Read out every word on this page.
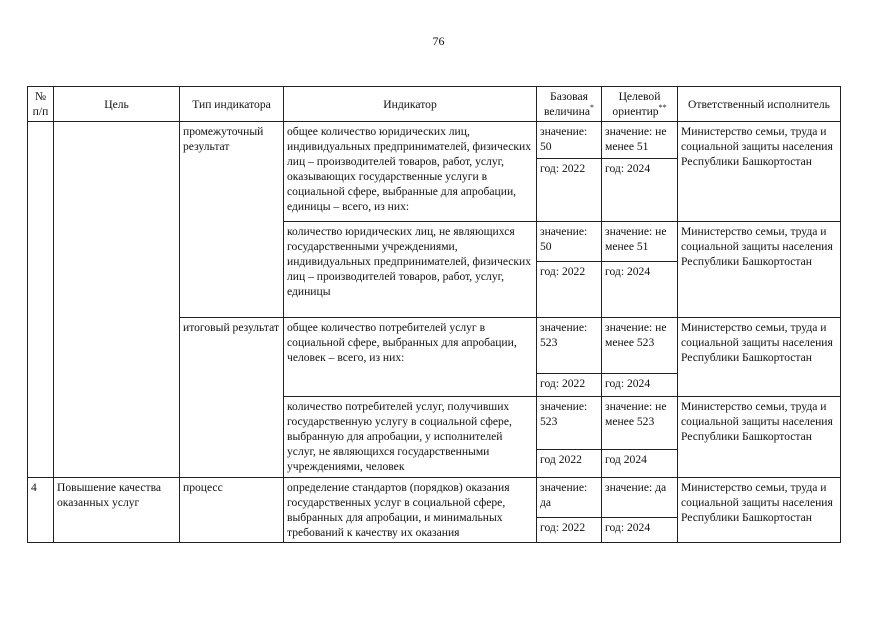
76
№ п/п	Цель	Тип индикатора	Индикатор	Базовая величина*	Целевой ориентир**	Ответственный исполнитель
		промежуточный результат	общее количество юридических лиц, индивидуальных предпринимателей, физических лиц – производителей товаров, работ, услуг, оказывающих государственные услуги в социальной сфере, выбранные для апробации, единицы – всего, из них:	значение: 50	значение: не менее 51	Министерство семьи, труда и социальной защиты населения Республики Башкортостан
				год: 2022	год: 2024	
			количество юридических лиц, не являющихся государственными учреждениями, индивидуальных предпринимателей, физических лиц – производителей товаров, работ, услуг, единицы	значение: 50	значение: не менее 51	Министерство семьи, труда и социальной защиты населения Республики Башкортостан
				год: 2022	год: 2024	
		итоговый результат	общее количество потребителей услуг в социальной сфере, выбранных для апробации, человек – всего, из них:	значение: 523	значение: не менее 523	Министерство семьи, труда и социальной защиты населения Республики Башкортостан
				год: 2022	год: 2024	
			количество потребителей услуг, получивших государственную услугу в социальной сфере, выбранную для апробации, у исполнителей услуг, не являющихся государственными учреждениями, человек	значение: 523	значение: не менее 523	Министерство семьи, труда и социальной защиты населения Республики Башкортостан
				год 2022	год 2024	
4	Повышение качества оказанных услуг	процесс	определение стандартов (порядков) оказания государственных услуг в социальной сфере, выбранных для апробации, и минимальных требований к качеству их оказания	значение: да	значение: да	Министерство семьи, труда и социальной защиты населения Республики Башкортостан
				год: 2022	год: 2024	
